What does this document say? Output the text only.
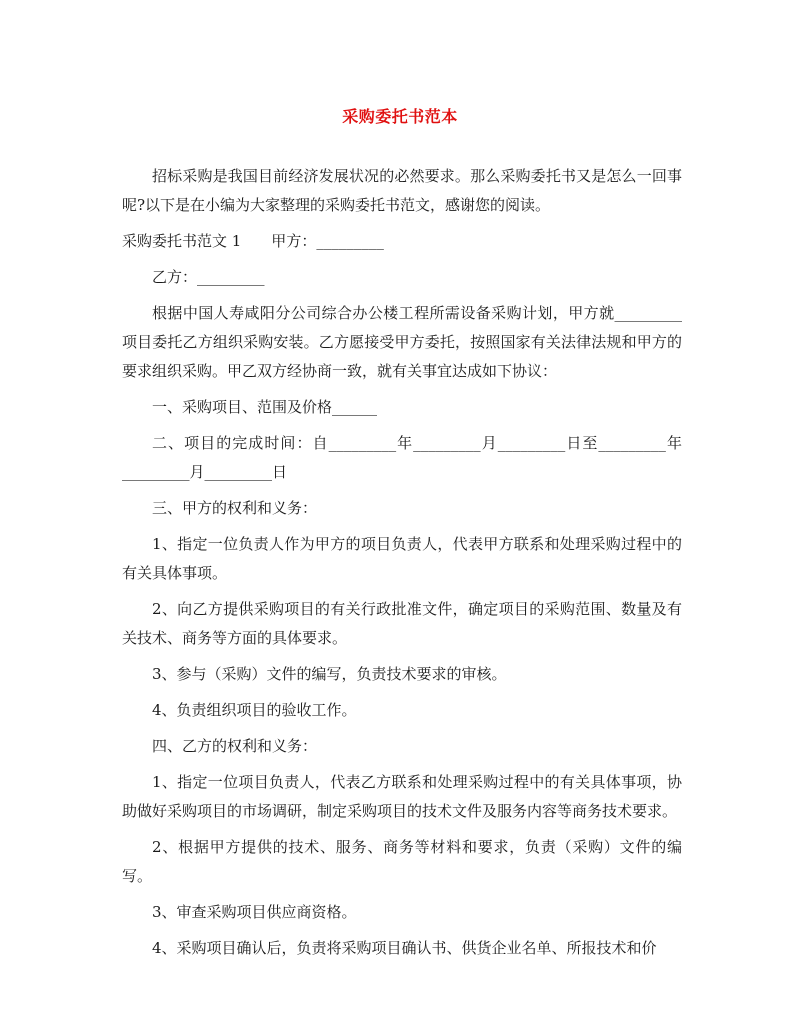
采购委托书范本

招标采购是我国目前经济发展状况的必然要求。那么采购委托书又是怎么一回事呢?以下是在小编为大家整理的采购委托书范文，感谢您的阅读。

采购委托书范文 1　　甲方：_________

乙方：_________

根据中国人寿咸阳分公司综合办公楼工程所需设备采购计划，甲方就_________ 项目委托乙方组织采购安装。乙方愿接受甲方委托，按照国家有关法律法规和甲方的要求组织采购。甲乙双方经协商一致，就有关事宜达成如下协议：

一、采购项目、范围及价格______

二、项目的完成时间：自_________年_________月_________日至_________年_________月_________日

三、甲方的权利和义务：

1、指定一位负责人作为甲方的项目负责人，代表甲方联系和处理采购过程中的有关具体事项。

2、向乙方提供采购项目的有关行政批准文件，确定项目的采购范围、数量及有关技术、商务等方面的具体要求。

3、参与（采购）文件的编写，负责技术要求的审核。

4、负责组织项目的验收工作。

四、乙方的权利和义务：

1、指定一位项目负责人，代表乙方联系和处理采购过程中的有关具体事项，协助做好采购项目的市场调研，制定采购项目的技术文件及服务内容等商务技术要求。

2、根据甲方提供的技术、服务、商务等材料和要求，负责（采购）文件的编写。

3、审查采购项目供应商资格。

4、采购项目确认后，负责将采购项目确认书、供货企业名单、所报技术和价
